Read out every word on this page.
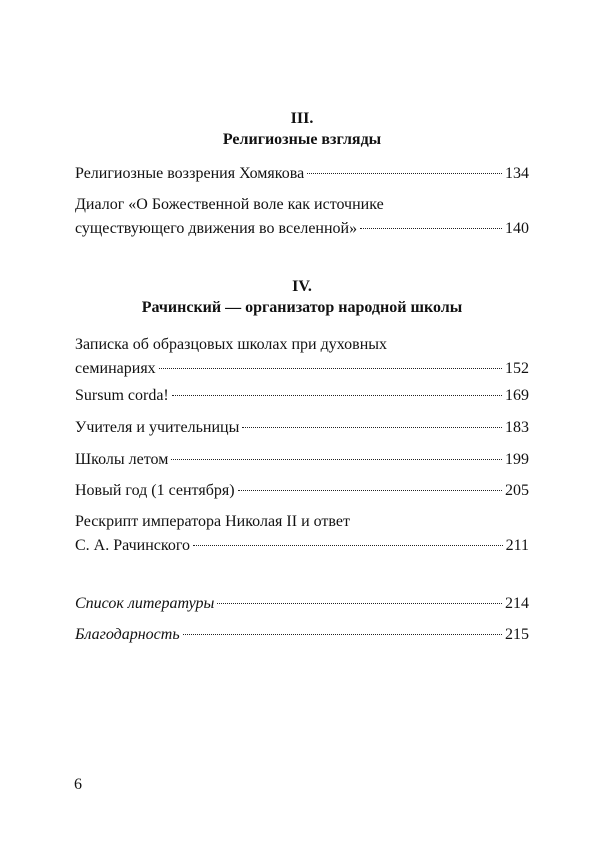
III.
Религиозные взгляды
Религиозные воззрения Хомякова	134
Диалог «О Божественной воле как источнике
существующего движения во вселенной»	140
IV.
Рачинский — организатор народной школы
Записка об образцовых школах при духовных
семинариях	152
Sursum corda!	169
Учителя и учительницы	183
Школы летом	199
Новый год (1 сентября)	205
Рескрипт императора Николая II и ответ
С. А. Рачинского	211
Список литературы	214
Благодарность	215
6
